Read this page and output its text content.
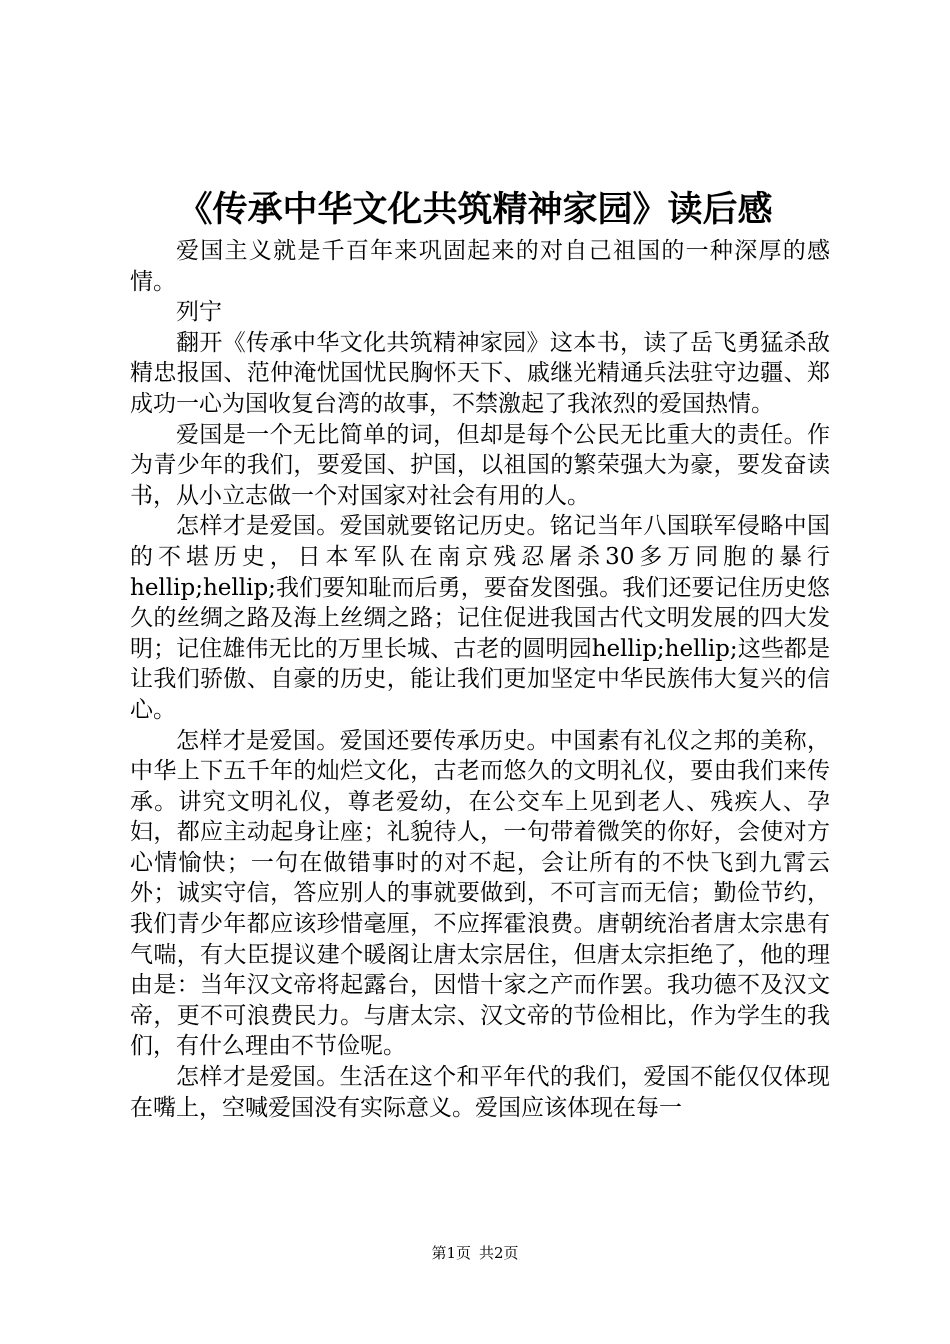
《传承中华文化共筑精神家园》读后感

爱国主义就是千百年来巩固起来的对自己祖国的一种深厚的感情。

列宁

翻开《传承中华文化共筑精神家园》这本书，读了岳飞勇猛杀敌精忠报国、范仲淹忧国忧民胸怀天下、戚继光精通兵法驻守边疆、郑成功一心为国收复台湾的故事，不禁激起了我浓烈的爱国热情。

爱国是一个无比简单的词，但却是每个公民无比重大的责任。作为青少年的我们，要爱国、护国，以祖国的繁荣强大为豪，要发奋读书，从小立志做一个对国家对社会有用的人。

怎样才是爱国。爱国就要铭记历史。铭记当年八国联军侵略中国的不堪历史，日本军队在南京残忍屠杀30多万同胞的暴行hellip;hellip;我们要知耻而后勇，要奋发图强。我们还要记住历史悠久的丝绸之路及海上丝绸之路；记住促进我国古代文明发展的四大发明；记住雄伟无比的万里长城、古老的圆明园hellip;hellip;这些都是让我们骄傲、自豪的历史，能让我们更加坚定中华民族伟大复兴的信心。

怎样才是爱国。爱国还要传承历史。中国素有礼仪之邦的美称，中华上下五千年的灿烂文化，古老而悠久的文明礼仪，要由我们来传承。讲究文明礼仪，尊老爱幼，在公交车上见到老人、残疾人、孕妇，都应主动起身让座；礼貌待人，一句带着微笑的你好，会使对方心情愉快；一句在做错事时的对不起，会让所有的不快飞到九霄云外；诚实守信，答应别人的事就要做到，不可言而无信；勤俭节约，我们青少年都应该珍惜毫厘，不应挥霍浪费。唐朝统治者唐太宗患有气喘，有大臣提议建个暖阁让唐太宗居住，但唐太宗拒绝了，他的理由是：当年汉文帝将起露台，因惜十家之产而作罢。我功德不及汉文帝，更不可浪费民力。与唐太宗、汉文帝的节俭相比，作为学生的我们，有什么理由不节俭呢。

怎样才是爱国。生活在这个和平年代的我们，爱国不能仅仅体现在嘴上，空喊爱国没有实际意义。爱国应该体现在每一

第1页 共2页
